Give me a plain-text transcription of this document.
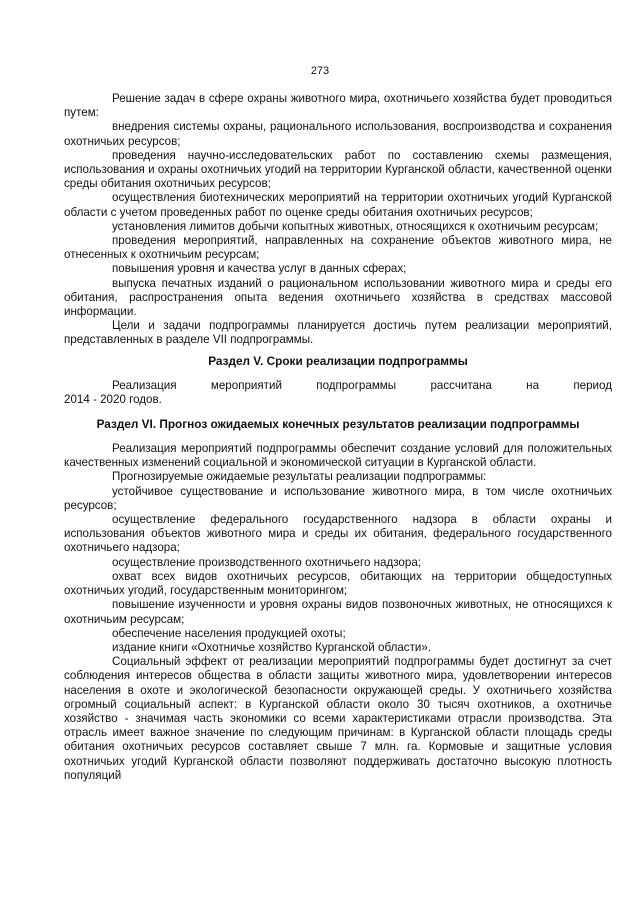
273

Решение задач в сфере охраны животного мира, охотничьего хозяйства будет проводиться путем:

внедрения системы охраны, рационального использования, воспроизводства и сохранения охотничьих ресурсов;

проведения научно-исследовательских работ по составлению схемы размещения, использования и охраны охотничьих угодий на территории Курганской области, качественной оценки среды обитания охотничьих ресурсов;

осуществления биотехнических мероприятий на территории охотничьих угодий Курганской области с учетом проведенных работ по оценке среды обитания охотничьих ресурсов;

установления лимитов добычи копытных животных, относящихся к охотничьим ресурсам;

проведения мероприятий, направленных на сохранение объектов животного мира, не отнесенных к охотничьим ресурсам;

повышения уровня и качества услуг в данных сферах;

выпуска печатных изданий о рациональном использовании животного мира и среды его обитания, распространения опыта ведения охотничьего хозяйства в средствах массовой информации.

Цели и задачи подпрограммы планируется достичь путем реализации мероприятий, представленных в разделе VII подпрограммы.

Раздел V. Сроки реализации подпрограммы

Реализация мероприятий подпрограммы рассчитана на период

2014 - 2020 годов.

Раздел VI. Прогноз ожидаемых конечных результатов реализации подпрограммы

Реализация мероприятий подпрограммы обеспечит создание условий для положительных качественных изменений социальной и экономической ситуации в Курганской области.

Прогнозируемые ожидаемые результаты реализации подпрограммы:

устойчивое существование и использование животного мира, в том числе охотничьих ресурсов;

осуществление федерального государственного надзора в области охраны и использования объектов животного мира и среды их обитания, федерального государственного охотничьего надзора;

осуществление производственного охотничьего надзора;

охват всех видов охотничьих ресурсов, обитающих на территории общедоступных охотничьих угодий, государственным мониторингом;

повышение изученности и уровня охраны видов позвоночных животных, не относящихся к охотничьим ресурсам;

обеспечение населения продукцией охоты;

издание книги «Охотничье хозяйство Курганской области».

Социальный эффект от реализации мероприятий подпрограммы будет достигнут за счет соблюдения интересов общества в области защиты животного мира, удовлетворении интересов населения в охоте и экологической безопасности окружающей среды. У охотничьего хозяйства огромный социальный аспект: в Курганской области около 30 тысяч охотников, а охотничье хозяйство - значимая часть экономики со всеми характеристиками отрасли производства. Эта отрасль имеет важное значение по следующим причинам: в Курганской области площадь среды обитания охотничьих ресурсов составляет свыше 7 млн. га. Кормовые и защитные условия охотничьих угодий Курганской области позволяют поддерживать достаточно высокую плотность популяций
